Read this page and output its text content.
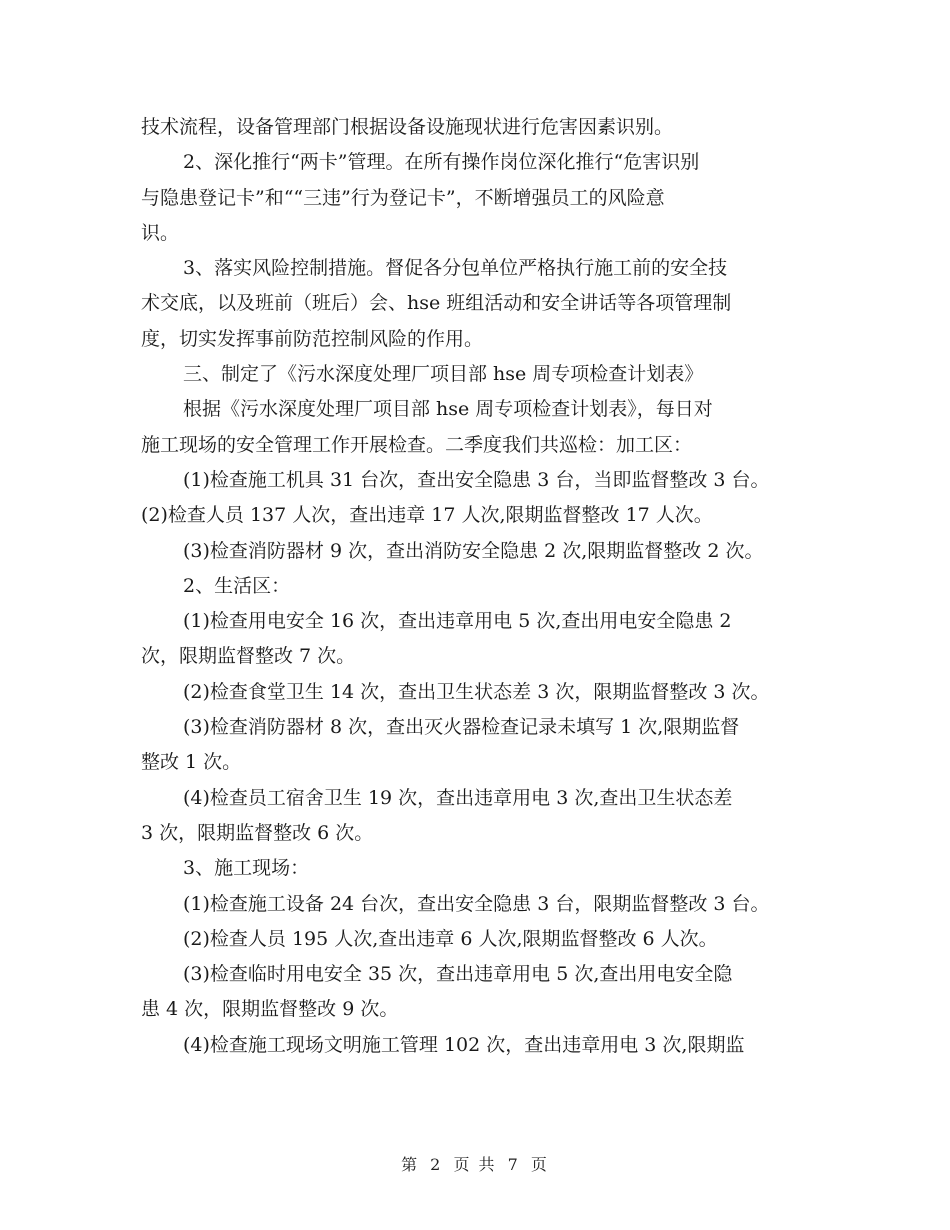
技术流程，设备管理部门根据设备设施现状进行危害因素识别。

2、深化推行“两卡”管理。在所有操作岗位深化推行“危害识别

与隐患登记卡”和““三违”行为登记卡”，不断增强员工的风险意

识。

3、落实风险控制措施。督促各分包单位严格执行施工前的安全技

术交底，以及班前（班后）会、hse 班组活动和安全讲话等各项管理制

度，切实发挥事前防范控制风险的作用。

三、制定了《污水深度处理厂项目部 hse 周专项检查计划表》

根据《污水深度处理厂项目部 hse 周专项检查计划表》，每日对

施工现场的安全管理工作开展检查。二季度我们共巡检：加工区：

(1)检查施工机具 31 台次，查出安全隐患 3 台，当即监督整改 3 台。

(2)检查人员 137 人次，查出违章 17 人次,限期监督整改 17 人次。

(3)检查消防器材 9 次，查出消防安全隐患 2 次,限期监督整改 2 次。

2、生活区：

(1)检查用电安全 16 次，查出违章用电 5 次,查出用电安全隐患 2

次，限期监督整改 7 次。

(2)检查食堂卫生 14 次，查出卫生状态差 3 次，限期监督整改 3 次。

(3)检查消防器材 8 次，查出灭火器检查记录未填写 1 次,限期监督

整改 1 次。

(4)检查员工宿舍卫生 19 次，查出违章用电 3 次,查出卫生状态差

3 次，限期监督整改 6 次。

3、施工现场：

(1)检查施工设备 24 台次，查出安全隐患 3 台，限期监督整改 3 台。

(2)检查人员 195 人次,查出违章 6 人次,限期监督整改 6 人次。

(3)检查临时用电安全 35 次，查出违章用电 5 次,查出用电安全隐

患 4 次，限期监督整改 9 次。

(4)检查施工现场文明施工管理 102 次，查出违章用电 3 次,限期监

第 2 页 共 7 页
